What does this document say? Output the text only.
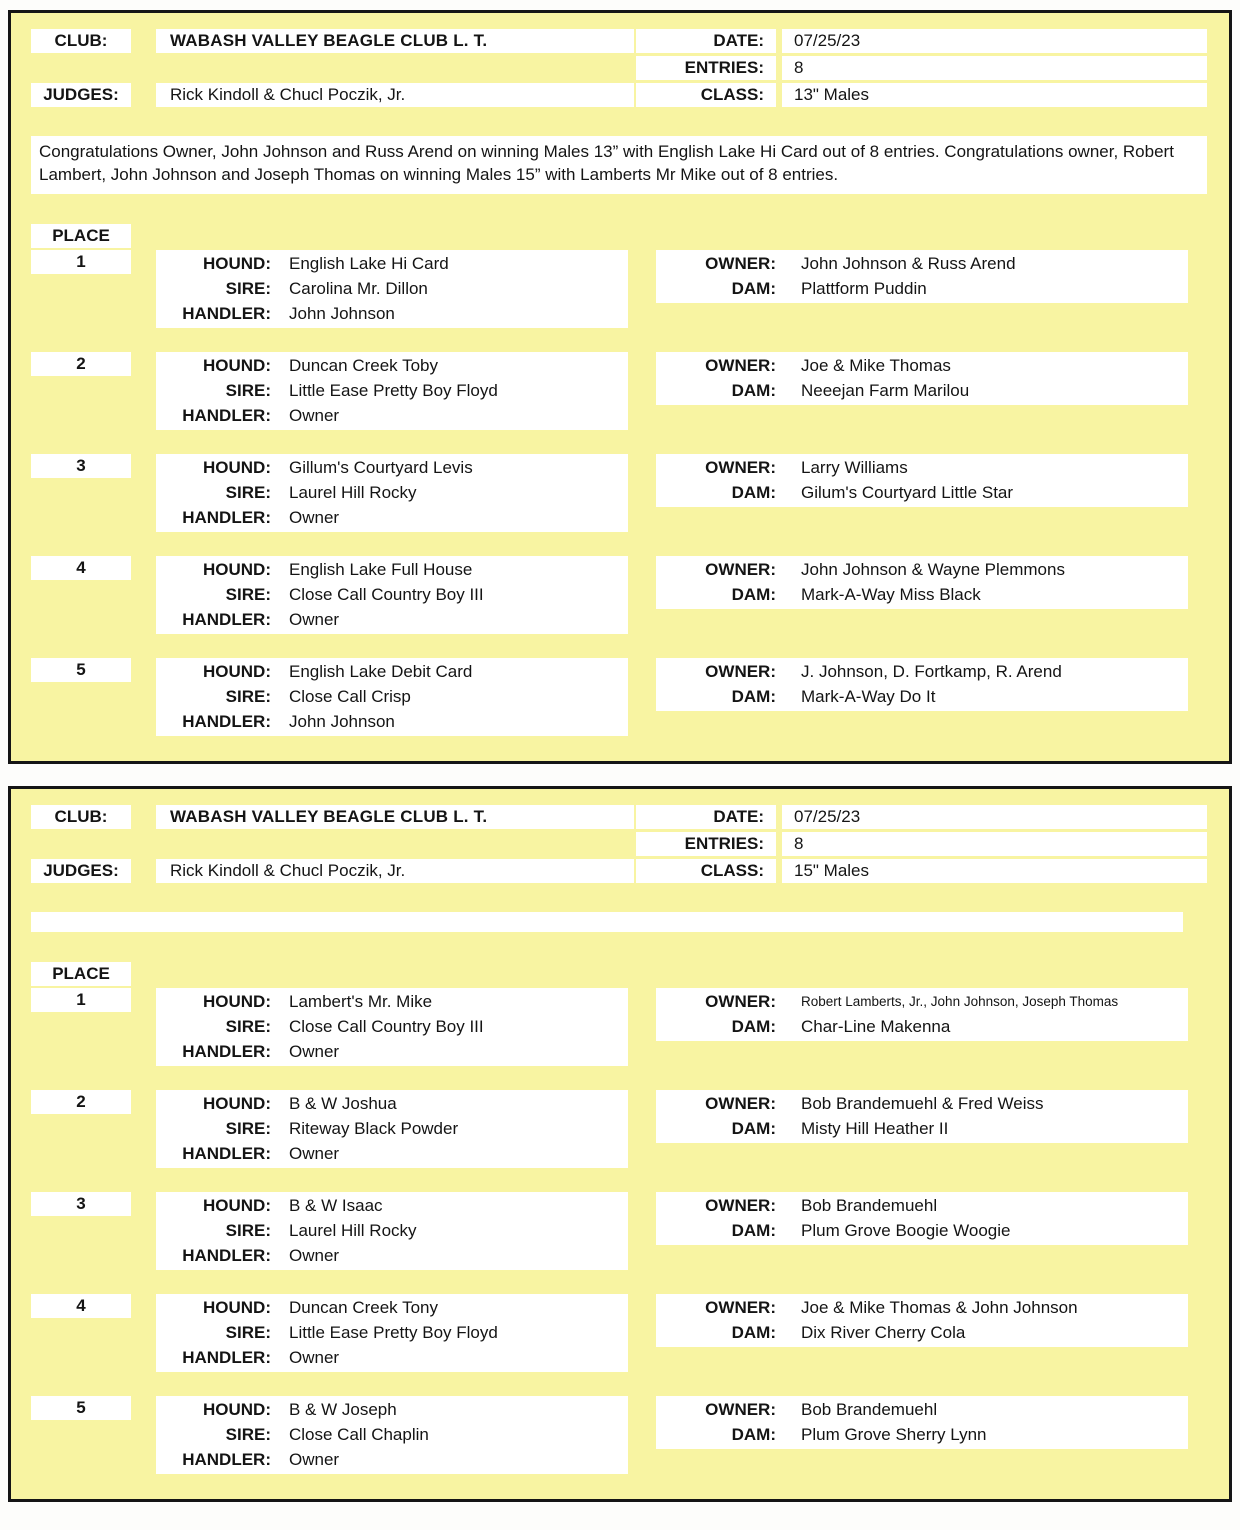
CLUB:	WABASH VALLEY BEAGLE CLUB L. T.
JUDGES:	Rick Kindoll & Chucl Poczik, Jr.
DATE:	07/25/23
ENTRIES:	8
CLASS:	13" Males
Congratulations Owner, John Johnson and Russ Arend on winning Males 13” with English Lake Hi Card out of 8 entries. Congratulations owner, Robert Lambert, John Johnson and Joseph Thomas on winning Males 15” with Lamberts Mr Mike out of 8 entries.
PLACE
1	HOUND:	English Lake Hi Card
SIRE:	Carolina Mr. Dillon
HANDLER:	John Johnson
OWNER:	John Johnson & Russ Arend
DAM:	Plattform Puddin
2	HOUND:	Duncan Creek Toby
SIRE:	Little Ease Pretty Boy Floyd
HANDLER:	Owner
OWNER:	Joe & Mike Thomas
DAM:	Neeejan Farm Marilou
3	HOUND:	Gillum's Courtyard Levis
SIRE:	Laurel Hill Rocky
HANDLER:	Owner
OWNER:	Larry Williams
DAM:	Gilum's Courtyard Little Star
4	HOUND:	English Lake Full House
SIRE:	Close Call Country Boy III
HANDLER:	Owner
OWNER:	John Johnson & Wayne Plemmons
DAM:	Mark-A-Way Miss Black
5	HOUND:	English Lake Debit Card
SIRE:	Close Call Crisp
HANDLER:	John Johnson
OWNER:	J. Johnson, D. Fortkamp, R. Arend
DAM:	Mark-A-Way Do It
CLUB:	WABASH VALLEY BEAGLE CLUB L. T.
JUDGES:	Rick Kindoll & Chucl Poczik, Jr.
DATE:	07/25/23
ENTRIES:	8
CLASS:	15" Males
PLACE
1	HOUND:	Lambert's Mr. Mike
SIRE:	Close Call Country Boy III
HANDLER:	Owner
OWNER:	Robert Lamberts, Jr., John Johnson, Joseph Thomas
DAM:	Char-Line Makenna
2	HOUND:	B & W Joshua
SIRE:	Riteway Black Powder
HANDLER:	Owner
OWNER:	Bob Brandemuehl & Fred Weiss
DAM:	Misty Hill Heather II
3	HOUND:	B & W Isaac
SIRE:	Laurel Hill Rocky
HANDLER:	Owner
OWNER:	Bob Brandemuehl
DAM:	Plum Grove Boogie Woogie
4	HOUND:	Duncan Creek Tony
SIRE:	Little Ease Pretty Boy Floyd
HANDLER:	Owner
OWNER:	Joe & Mike Thomas & John Johnson
DAM:	Dix River Cherry Cola
5	HOUND:	B & W Joseph
SIRE:	Close Call Chaplin
HANDLER:	Owner
OWNER:	Bob Brandemuehl
DAM:	Plum Grove Sherry Lynn
